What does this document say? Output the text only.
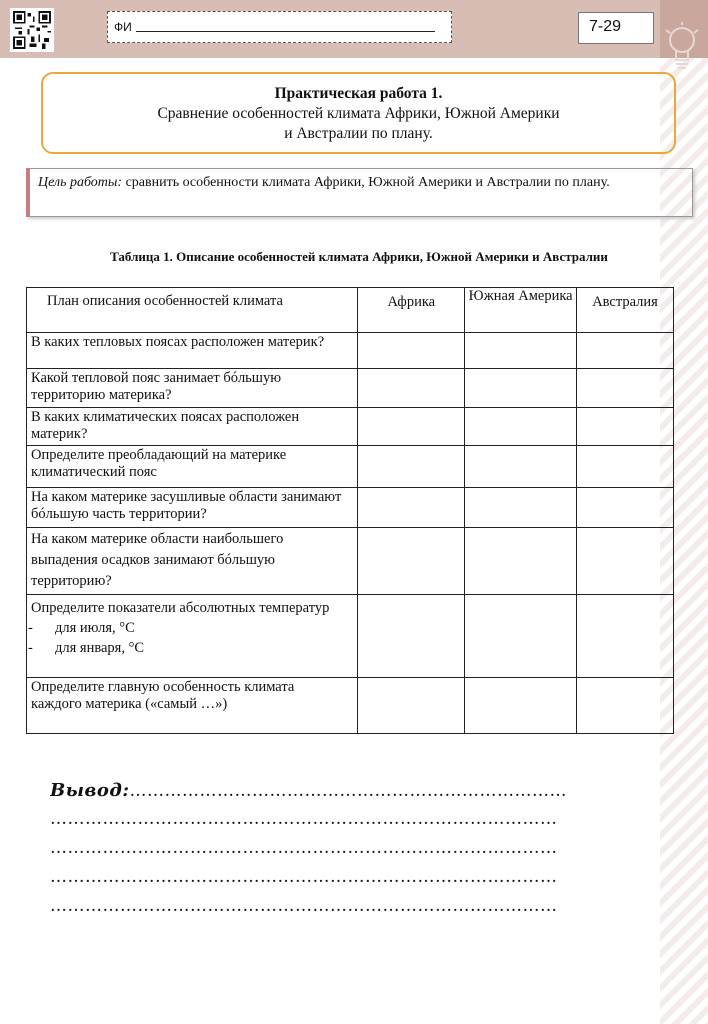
ФИ	7-29
Практическая работа 1.
Сравнение особенностей климата Африки, Южной Америки
и Австралии по плану.
Цель работы: сравнить особенности климата Африки, Южной Америки и Австралии по плану.
Таблица 1. Описание особенностей климата Африки, Южной Америки и Австралии
План описания особенностей климата	Африка	Южная Америка	Австралия
В каких тепловых поясах расположен материк?			
Какой тепловой пояс занимает бóльшую территорию материка?			
В каких климатических поясах расположен материк?			
Определите преобладающий на материке климатический пояс			
На каком материке засушливые области занимают бóльшую часть территории?			
На каком материке области наибольшего выпадения осадков занимают бóльшую территорию?			
Определите показатели абсолютных температур
- для июля, °С
- для января, °С			

Определите главную особенность климата
каждого материка («самый …»)			

Вывод:…………………………………………………………………
……………………………………………………………………………
……………………………………………………………………………
……………………………………………………………………………
……………………………………………………………………………
